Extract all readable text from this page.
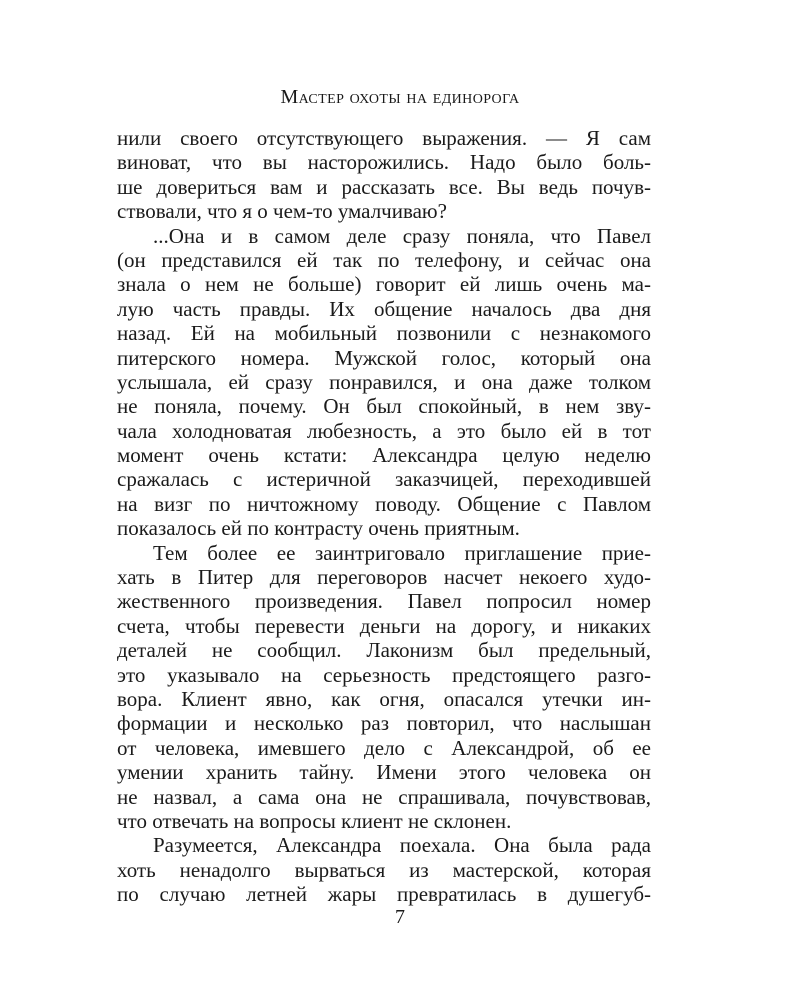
Мастер охоты на единорога
нили своего отсутствующего выражения. — Я сам
виноват, что вы насторожились. Надо было боль-
ше довериться вам и рассказать все. Вы ведь почув-
ствовали, что я о чем-то умалчиваю?
...Она и в самом деле сразу поняла, что Павел
(он представился ей так по телефону, и сейчас она
знала о нем не больше) говорит ей лишь очень ма-
лую часть правды. Их общение началось два дня
назад. Ей на мобильный позвонили с незнакомого
питерского номера. Мужской голос, который она
услышала, ей сразу понравился, и она даже толком
не поняла, почему. Он был спокойный, в нем зву-
чала холодноватая любезность, а это было ей в тот
момент очень кстати: Александра целую неделю
сражалась с истеричной заказчицей, переходившей
на визг по ничтожному поводу. Общение с Павлом
показалось ей по контрасту очень приятным.
Тем более ее заинтриговало приглашение прие-
хать в Питер для переговоров насчет некоего худо-
жественного произведения. Павел попросил номер
счета, чтобы перевести деньги на дорогу, и никаких
деталей не сообщил. Лаконизм был предельный,
это указывало на серьезность предстоящего разго-
вора. Клиент явно, как огня, опасался утечки ин-
формации и несколько раз повторил, что наслышан
от человека, имевшего дело с Александрой, об ее
умении хранить тайну. Имени этого человека он
не назвал, а сама она не спрашивала, почувствовав,
что отвечать на вопросы клиент не склонен.
Разумеется, Александра поехала. Она была рада
хоть ненадолго вырваться из мастерской, которая
по случаю летней жары превратилась в душегуб-
7
